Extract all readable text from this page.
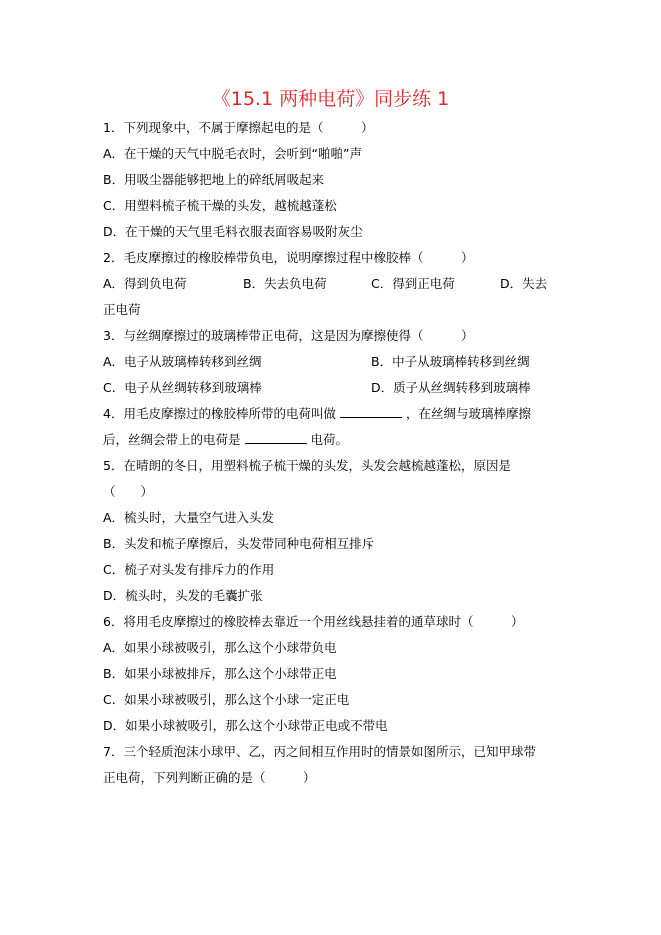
《15.1 两种电荷》同步练 1
1．下列现象中，不属于摩擦起电的是（　　　）
A．在干燥的天气中脱毛衣时，会听到“啪啪”声
B．用吸尘器能够把地上的碎纸屑吸起来
C．用塑料梳子梳干燥的头发，越梳越蓬松
D．在干燥的天气里毛料衣服表面容易吸附灰尘
2．毛皮摩擦过的橡胶棒带负电，说明摩擦过程中橡胶棒（　　　）
A．得到负电荷	B．失去负电荷	C．得到正电荷	D．失去
正电荷
3．与丝绸摩擦过的玻璃棒带正电荷，这是因为摩擦使得（　　　）
A．电子从玻璃棒转移到丝绸	B．中子从玻璃棒转移到丝绸
C．电子从丝绸转移到玻璃棒	D．质子从丝绸转移到玻璃棒
4．用毛皮摩擦过的橡胶棒所带的电荷叫做	，在丝绸与玻璃棒摩擦
后，丝绸会带上的电荷是	电荷。
5．在晴朗的冬日，用塑料梳子梳干燥的头发，头发会越梳越蓬松，原因是
（　　）
A．梳头时，大量空气进入头发
B．头发和梳子摩擦后，头发带同种电荷相互排斥
C．梳子对头发有排斥力的作用
D．梳头时，头发的毛囊扩张
6．将用毛皮摩擦过的橡胶棒去靠近一个用丝线悬挂着的通草球时（　　　）
A．如果小球被吸引，那么这个小球带负电
B．如果小球被排斥，那么这个小球带正电
C．如果小球被吸引，那么这个小球一定正电
D．如果小球被吸引，那么这个小球带正电或不带电
7．三个轻质泡沫小球甲、乙，丙之间相互作用时的情景如图所示，已知甲球带
正电荷，下列判断正确的是（　　　）
